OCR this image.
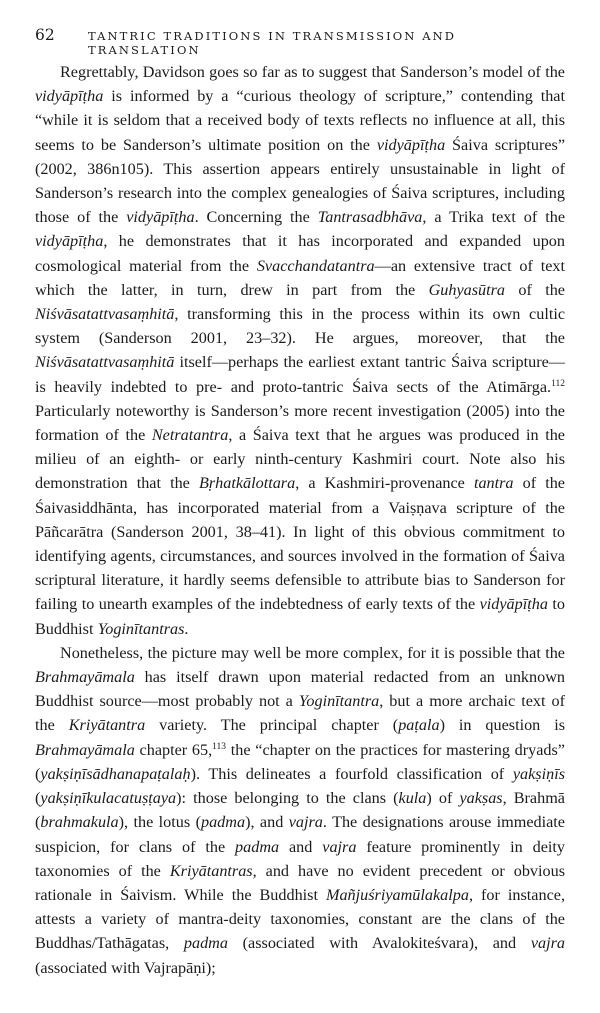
62	TANTRIC TRADITIONS IN TRANSMISSION AND TRANSLATION

Regrettably, Davidson goes so far as to suggest that Sanderson’s model of the vidyāpīṭha is informed by a “curious theology of scripture,” contending that “while it is seldom that a received body of texts reflects no influence at all, this seems to be Sanderson’s ultimate position on the vidyāpīṭha Śaiva scriptures” (2002, 386n105). This assertion appears entirely unsustainable in light of Sanderson’s research into the complex genealogies of Śaiva scriptures, including those of the vidyāpīṭha. Concerning the Tantrasadbhāva, a Trika text of the vidyāpīṭha, he demonstrates that it has incorporated and expanded upon cosmological material from the Svacchandatantra—an extensive tract of text which the latter, in turn, drew in part from the Guhyasūtra of the Niśvāsatattvasaṃhitā, transforming this in the process within its own cultic system (Sanderson 2001, 23–32). He argues, moreover, that the Niśvāsatattvasaṃhitā itself—perhaps the earliest extant tantric Śaiva scripture—is heavily indebted to pre- and proto-tantric Śaiva sects of the Atimārga.$^{112}$ Particularly noteworthy is Sanderson’s more recent investigation (2005) into the formation of the Netratantra, a Śaiva text that he argues was produced in the milieu of an eighth- or early ninth-century Kashmiri court. Note also his demonstration that the Bṛhatkālottara, a Kashmiri-provenance tantra of the Śaivasiddhānta, has incorporated material from a Vaiṣṇava scripture of the Pāñcarātra (Sanderson 2001, 38–41). In light of this obvious commitment to identifying agents, circumstances, and sources involved in the formation of Śaiva scriptural literature, it hardly seems defensible to attribute bias to Sanderson for failing to unearth examples of the indebtedness of early texts of the vidyāpīṭha to Buddhist Yoginītantras.

Nonetheless, the picture may well be more complex, for it is possible that the Brahmayāmala has itself drawn upon material redacted from an unknown Buddhist source—most probably not a Yoginītantra, but a more archaic text of the Kriyātantra variety. The principal chapter (paṭala) in question is Brahmayāmala chapter 65,$^{113}$ the “chapter on the practices for mastering dryads” (yakṣiṇīsādhanapaṭalaḥ). This delineates a fourfold classification of yakṣiṇīs (yakṣiṇīkulacatuṣṭaya): those belonging to the clans (kula) of yakṣas, Brahmā (brahmakula), the lotus (padma), and vajra. The designations arouse immediate suspicion, for clans of the padma and vajra feature prominently in deity taxonomies of the Kriyātantras, and have no evident precedent or obvious rationale in Śaivism. While the Buddhist Mañjuśriyamūlakalpa, for instance, attests a variety of mantra-deity taxonomies, constant are the clans of the Buddhas/Tathāgatas, padma (associated with Avalokiteśvara), and vajra (associated with Vajrapāṇi);
